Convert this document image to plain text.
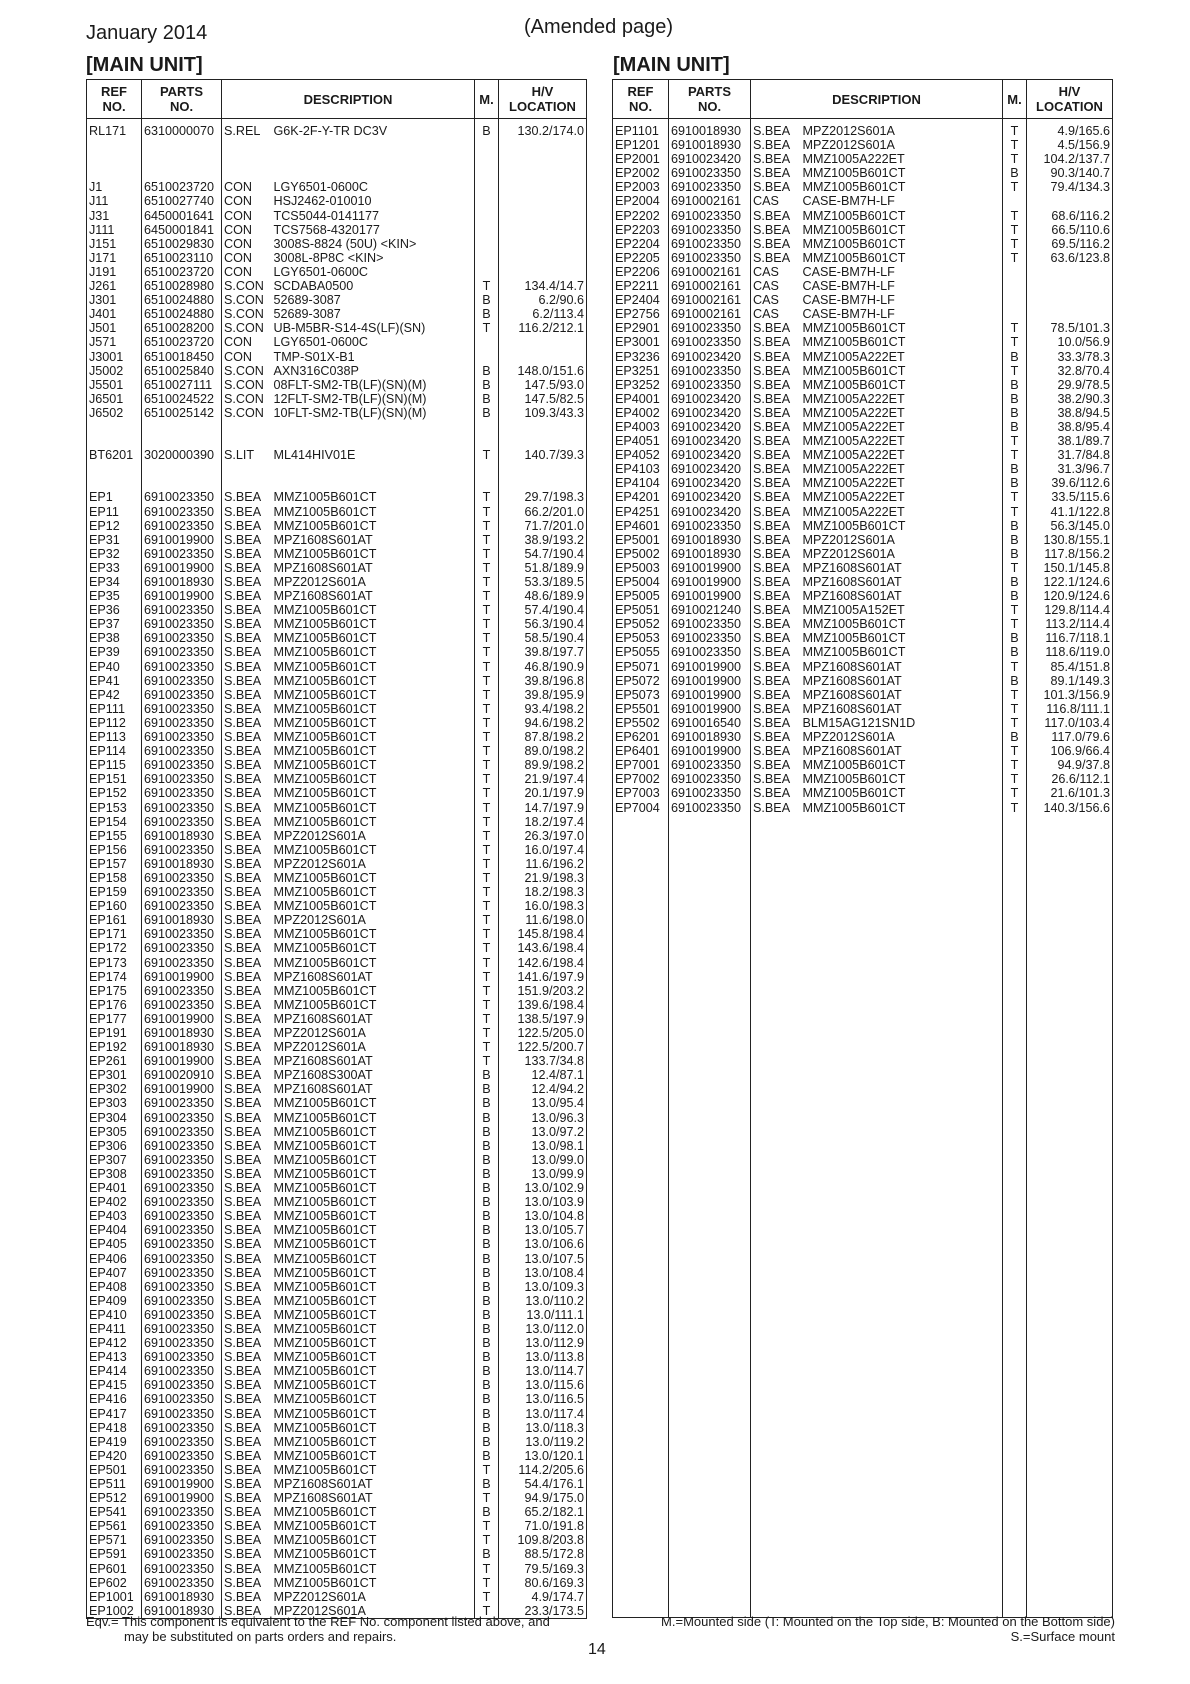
January 2014	(Amended page)
[MAIN UNIT]	[MAIN UNIT]
REF
NO.	PARTS
NO.	DESCRIPTION		M.	H/V
LOCATION
RL171	6310000070	S.REL	G6K-2F-Y-TR DC3V	B	130.2/174.0

J1	6510023720	CON	LGY6501-0600C		
J11	6510027740	CON	HSJ2462-010010		
J31	6450001641	CON	TCS5044-0141177		
J111	6450001841	CON	TCS7568-4320177		
J151	6510029830	CON	3008S-8824 (50U) <KIN>		
J171	6510023110	CON	3008L-8P8C <KIN>		
J191	6510023720	CON	LGY6501-0600C		
J261	6510028980	S.CON	SCDABA0500	T	134.4/14.7
J301	6510024880	S.CON	52689-3087	B	6.2/90.6
J401	6510024880	S.CON	52689-3087	B	6.2/113.4
J501	6510028200	S.CON	UB-M5BR-S14-4S(LF)(SN)	T	116.2/212.1
J571	6510023720	CON	LGY6501-0600C		
J3001	6510018450	CON	TMP-S01X-B1		
J5002	6510025840	S.CON	AXN316C038P	B	148.0/151.6
J5501	6510027111	S.CON	08FLT-SM2-TB(LF)(SN)(M)	B	147.5/93.0
J6501	6510024522	S.CON	12FLT-SM2-TB(LF)(SN)(M)	B	147.5/82.5
J6502	6510025142	S.CON	10FLT-SM2-TB(LF)(SN)(M)	B	109.3/43.3

BT6201	3020000390	S.LIT	ML414HIV01E	T	140.7/39.3

EP1	6910023350	S.BEA	MMZ1005B601CT	T	29.7/198.3
EP11	6910023350	S.BEA	MMZ1005B601CT	T	66.2/201.0
EP12	6910023350	S.BEA	MMZ1005B601CT	T	71.7/201.0
EP31	6910019900	S.BEA	MPZ1608S601AT	T	38.9/193.2
EP32	6910023350	S.BEA	MMZ1005B601CT	T	54.7/190.4
EP33	6910019900	S.BEA	MPZ1608S601AT	T	51.8/189.9
EP34	6910018930	S.BEA	MPZ2012S601A	T	53.3/189.5
EP35	6910019900	S.BEA	MPZ1608S601AT	T	48.6/189.9
EP36	6910023350	S.BEA	MMZ1005B601CT	T	57.4/190.4
EP37	6910023350	S.BEA	MMZ1005B601CT	T	56.3/190.4
EP38	6910023350	S.BEA	MMZ1005B601CT	T	58.5/190.4
EP39	6910023350	S.BEA	MMZ1005B601CT	T	39.8/197.7
EP40	6910023350	S.BEA	MMZ1005B601CT	T	46.8/190.9
EP41	6910023350	S.BEA	MMZ1005B601CT	T	39.8/196.8
EP42	6910023350	S.BEA	MMZ1005B601CT	T	39.8/195.9
EP111	6910023350	S.BEA	MMZ1005B601CT	T	93.4/198.2
EP112	6910023350	S.BEA	MMZ1005B601CT	T	94.6/198.2
EP113	6910023350	S.BEA	MMZ1005B601CT	T	87.8/198.2
EP114	6910023350	S.BEA	MMZ1005B601CT	T	89.0/198.2
EP115	6910023350	S.BEA	MMZ1005B601CT	T	89.9/198.2
EP151	6910023350	S.BEA	MMZ1005B601CT	T	21.9/197.4
EP152	6910023350	S.BEA	MMZ1005B601CT	T	20.1/197.9
EP153	6910023350	S.BEA	MMZ1005B601CT	T	14.7/197.9
EP154	6910023350	S.BEA	MMZ1005B601CT	T	18.2/197.4
EP155	6910018930	S.BEA	MPZ2012S601A	T	26.3/197.0
EP156	6910023350	S.BEA	MMZ1005B601CT	T	16.0/197.4
EP157	6910018930	S.BEA	MPZ2012S601A	T	11.6/196.2
EP158	6910023350	S.BEA	MMZ1005B601CT	T	21.9/198.3
EP159	6910023350	S.BEA	MMZ1005B601CT	T	18.2/198.3
EP160	6910023350	S.BEA	MMZ1005B601CT	T	16.0/198.3
EP161	6910018930	S.BEA	MPZ2012S601A	T	11.6/198.0
EP171	6910023350	S.BEA	MMZ1005B601CT	T	145.8/198.4
EP172	6910023350	S.BEA	MMZ1005B601CT	T	143.6/198.4
EP173	6910023350	S.BEA	MMZ1005B601CT	T	142.6/198.4
EP174	6910019900	S.BEA	MPZ1608S601AT	T	141.6/197.9
EP175	6910023350	S.BEA	MMZ1005B601CT	T	151.9/203.2
EP176	6910023350	S.BEA	MMZ1005B601CT	T	139.6/198.4
EP177	6910019900	S.BEA	MPZ1608S601AT	T	138.5/197.9
EP191	6910018930	S.BEA	MPZ2012S601A	T	122.5/205.0
EP192	6910018930	S.BEA	MPZ2012S601A	T	122.5/200.7
EP261	6910019900	S.BEA	MPZ1608S601AT	T	133.7/34.8
EP301	6910020910	S.BEA	MPZ1608S300AT	B	12.4/87.1
EP302	6910019900	S.BEA	MPZ1608S601AT	B	12.4/94.2
EP303	6910023350	S.BEA	MMZ1005B601CT	B	13.0/95.4
EP304	6910023350	S.BEA	MMZ1005B601CT	B	13.0/96.3
EP305	6910023350	S.BEA	MMZ1005B601CT	B	13.0/97.2
EP306	6910023350	S.BEA	MMZ1005B601CT	B	13.0/98.1
EP307	6910023350	S.BEA	MMZ1005B601CT	B	13.0/99.0
EP308	6910023350	S.BEA	MMZ1005B601CT	B	13.0/99.9
EP401	6910023350	S.BEA	MMZ1005B601CT	B	13.0/102.9
EP402	6910023350	S.BEA	MMZ1005B601CT	B	13.0/103.9
EP403	6910023350	S.BEA	MMZ1005B601CT	B	13.0/104.8
EP404	6910023350	S.BEA	MMZ1005B601CT	B	13.0/105.7
EP405	6910023350	S.BEA	MMZ1005B601CT	B	13.0/106.6
EP406	6910023350	S.BEA	MMZ1005B601CT	B	13.0/107.5
EP407	6910023350	S.BEA	MMZ1005B601CT	B	13.0/108.4
EP408	6910023350	S.BEA	MMZ1005B601CT	B	13.0/109.3
EP409	6910023350	S.BEA	MMZ1005B601CT	B	13.0/110.2
EP410	6910023350	S.BEA	MMZ1005B601CT	B	13.0/111.1
EP411	6910023350	S.BEA	MMZ1005B601CT	B	13.0/112.0
EP412	6910023350	S.BEA	MMZ1005B601CT	B	13.0/112.9
EP413	6910023350	S.BEA	MMZ1005B601CT	B	13.0/113.8
EP414	6910023350	S.BEA	MMZ1005B601CT	B	13.0/114.7
EP415	6910023350	S.BEA	MMZ1005B601CT	B	13.0/115.6
EP416	6910023350	S.BEA	MMZ1005B601CT	B	13.0/116.5
EP417	6910023350	S.BEA	MMZ1005B601CT	B	13.0/117.4
EP418	6910023350	S.BEA	MMZ1005B601CT	B	13.0/118.3
EP419	6910023350	S.BEA	MMZ1005B601CT	B	13.0/119.2
EP420	6910023350	S.BEA	MMZ1005B601CT	B	13.0/120.1
EP501	6910023350	S.BEA	MMZ1005B601CT	T	114.2/205.6
EP511	6910019900	S.BEA	MPZ1608S601AT	B	54.4/176.1
EP512	6910019900	S.BEA	MPZ1608S601AT	T	94.9/175.0
EP541	6910023350	S.BEA	MMZ1005B601CT	B	65.2/182.1
EP561	6910023350	S.BEA	MMZ1005B601CT	T	71.0/191.8
EP571	6910023350	S.BEA	MMZ1005B601CT	T	109.8/203.8
EP591	6910023350	S.BEA	MMZ1005B601CT	B	88.5/172.8
EP601	6910023350	S.BEA	MMZ1005B601CT	T	79.5/169.3
EP602	6910023350	S.BEA	MMZ1005B601CT	T	80.6/169.3
EP1001	6910018930	S.BEA	MPZ2012S601A	T	4.9/174.7
EP1002	6910018930	S.BEA	MPZ2012S601A	T	23.3/173.5
REF
NO.	PARTS
NO.	DESCRIPTION		M.	H/V
LOCATION
EP1101	6910018930	S.BEA	MPZ2012S601A	T	4.9/165.6
EP1201	6910018930	S.BEA	MPZ2012S601A	T	4.5/156.9
EP2001	6910023420	S.BEA	MMZ1005A222ET	T	104.2/137.7
EP2002	6910023350	S.BEA	MMZ1005B601CT	B	90.3/140.7
EP2003	6910023350	S.BEA	MMZ1005B601CT	T	79.4/134.3
EP2004	6910002161	CAS	CASE-BM7H-LF		
EP2202	6910023350	S.BEA	MMZ1005B601CT	T	68.6/116.2
EP2203	6910023350	S.BEA	MMZ1005B601CT	T	66.5/110.6
EP2204	6910023350	S.BEA	MMZ1005B601CT	T	69.5/116.2
EP2205	6910023350	S.BEA	MMZ1005B601CT	T	63.6/123.8
EP2206	6910002161	CAS	CASE-BM7H-LF		
EP2211	6910002161	CAS	CASE-BM7H-LF		
EP2404	6910002161	CAS	CASE-BM7H-LF		
EP2756	6910002161	CAS	CASE-BM7H-LF		
EP2901	6910023350	S.BEA	MMZ1005B601CT	T	78.5/101.3
EP3001	6910023350	S.BEA	MMZ1005B601CT	T	10.0/56.9
EP3236	6910023420	S.BEA	MMZ1005A222ET	B	33.3/78.3
EP3251	6910023350	S.BEA	MMZ1005B601CT	T	32.8/70.4
EP3252	6910023350	S.BEA	MMZ1005B601CT	B	29.9/78.5
EP4001	6910023420	S.BEA	MMZ1005A222ET	B	38.2/90.3
EP4002	6910023420	S.BEA	MMZ1005A222ET	B	38.8/94.5
EP4003	6910023420	S.BEA	MMZ1005A222ET	B	38.8/95.4
EP4051	6910023420	S.BEA	MMZ1005A222ET	T	38.1/89.7
EP4052	6910023420	S.BEA	MMZ1005A222ET	T	31.7/84.8
EP4103	6910023420	S.BEA	MMZ1005A222ET	B	31.3/96.7
EP4104	6910023420	S.BEA	MMZ1005A222ET	B	39.6/112.6
EP4201	6910023420	S.BEA	MMZ1005A222ET	T	33.5/115.6
EP4251	6910023420	S.BEA	MMZ1005A222ET	T	41.1/122.8
EP4601	6910023350	S.BEA	MMZ1005B601CT	B	56.3/145.0
EP5001	6910018930	S.BEA	MPZ2012S601A	B	130.8/155.1
EP5002	6910018930	S.BEA	MPZ2012S601A	B	117.8/156.2
EP5003	6910019900	S.BEA	MPZ1608S601AT	T	150.1/145.8
EP5004	6910019900	S.BEA	MPZ1608S601AT	B	122.1/124.6
EP5005	6910019900	S.BEA	MPZ1608S601AT	B	120.9/124.6
EP5051	6910021240	S.BEA	MMZ1005A152ET	T	129.8/114.4
EP5052	6910023350	S.BEA	MMZ1005B601CT	T	113.2/114.4
EP5053	6910023350	S.BEA	MMZ1005B601CT	B	116.7/118.1
EP5055	6910023350	S.BEA	MMZ1005B601CT	B	118.6/119.0
EP5071	6910019900	S.BEA	MPZ1608S601AT	T	85.4/151.8
EP5072	6910019900	S.BEA	MPZ1608S601AT	B	89.1/149.3
EP5073	6910019900	S.BEA	MPZ1608S601AT	T	101.3/156.9
EP5501	6910019900	S.BEA	MPZ1608S601AT	T	116.8/111.1
EP5502	6910016540	S.BEA	BLM15AG121SN1D	T	117.0/103.4
EP6201	6910018930	S.BEA	MPZ2012S601A	B	117.0/79.6
EP6401	6910019900	S.BEA	MPZ1608S601AT	T	106.9/66.4
EP7001	6910023350	S.BEA	MMZ1005B601CT	T	94.9/37.8
EP7002	6910023350	S.BEA	MMZ1005B601CT	T	26.6/112.1
EP7003	6910023350	S.BEA	MMZ1005B601CT	T	21.6/101.3
EP7004	6910023350	S.BEA	MMZ1005B601CT	T	140.3/156.6

Eqv.= This component is equivalent to the REF No. component listed above, and
may be substituted on parts orders and repairs.
M.=Mounted side (T: Mounted on the Top side, B: Mounted on the Bottom side)
S.=Surface mount
14
